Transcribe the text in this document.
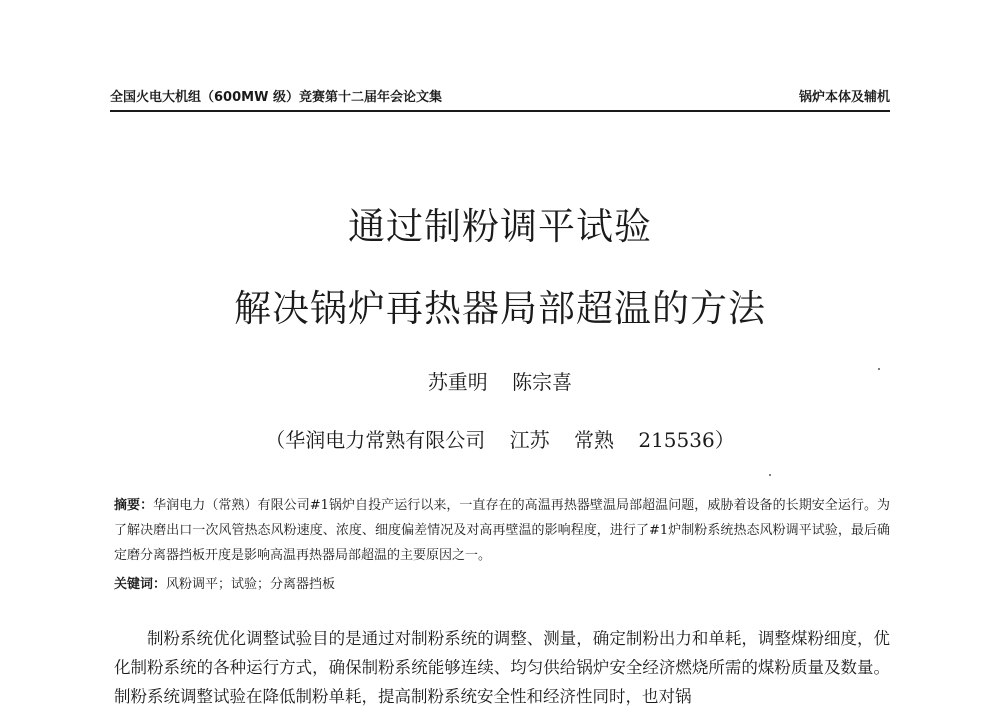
全国火电大机组（600MW 级）竞赛第十二届年会论文集	锅炉本体及辅机
通过制粉调平试验
解决锅炉再热器局部超温的方法
苏重明 陈宗喜
（华润电力常熟有限公司 江苏 常熟 215536）
摘要：华润电力（常熟）有限公司#1锅炉自投产运行以来，一直存在的高温再热器壁温局部超温问题，威胁着设备的长期安全运行。为了解决磨出口一次风管热态风粉速度、浓度、细度偏差情况及对高再壁温的影响程度，进行了#1炉制粉系统热态风粉调平试验，最后确定磨分离器挡板开度是影响高温再热器局部超温的主要原因之一。
关键词：风粉调平；试验；分离器挡板
制粉系统优化调整试验目的是通过对制粉系统的调整、测量，确定制粉出力和单耗，调整煤粉细度，优化制粉系统的各种运行方式，确保制粉系统能够连续、均匀供给锅炉安全经济燃烧所需的煤粉质量及数量。制粉系统调整试验在降低制粉单耗，提高制粉系统安全性和经济性同时，也对锅
